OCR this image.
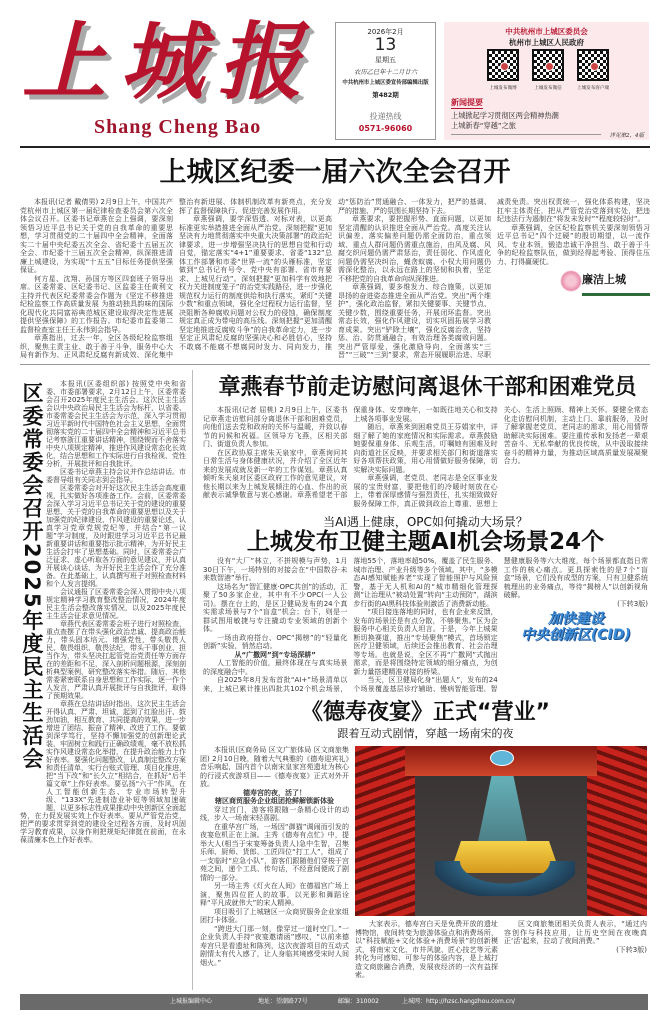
上城报
Shang Cheng Bao
2026年2月
13
星期五
农历乙巳年十二月廿六
中共杭州市上城区委宣传部编辑出版
第482期
投递热线
0571-96060
中共杭州市上城区委员会
杭州市上城区人民政府
上城发布微博	上城发布微信	上城发布客户端
新闻提要
上城掀起学习贯彻区两会精神热潮
上城新春“穿越”之旅
详见第2、4版
上城区纪委一届六次全会召开

本报讯(记者 戴倩男) 2月9日上午，中国共产党杭州市上城区第一届纪律检查委员会第六次全体会议召开。区委书记章燕在会上强调，要深刻领悟习近平总书记关于党的自我革命的重要思想，学习贯彻党的二十届四中全会精神，全面落实二十届中央纪委五次全会、省纪委十五届五次全会、市纪委十三届五次全会精神，纵深推进清廉上城建设，为实现“十五五”目标任务提供坚强保证。

何方星、沈翔、孙国方等区四套班子领导出席。区委常委、区纪委书记、区监委主任黄利文主持并代表区纪委常委会作题为《坚定不移推进纪检监察工作高质量发展 为推动独具韵味的国际化现代化共同富裕典范城区建设取得决定性进展提供坚强保障》的工作报告。市纪委市监委第二监督检查室主任王永伟到会指导。

章燕指出，过去一年，全区各级纪检监察组织，聚焦主责主业、敢于善于斗争，服务中心大局有新作为、正风肃纪反腐有新成效、深化集中整治有新进展、体制机制改革有新亮点，充分发挥了监督保障执行、促进完善发展作用。

章燕强调，要学深悟透、对标对表，以更高标准更实举措推进全面从严治党。深刻把握“更加坚决有力地贯彻落实中央重大决策部署”的政治纪律要求，进一步增强坚决执行的思想自觉和行动自觉，锚定落实“4+1”重要要求、省委“132”总体工作部署和市委“世界一流”的头雁标准，坚定做到“总书记有号令、党中央有部署、省市有要求、上城见行动”。深刻把握“更加科学有效地把权力关进制度笼子”的治党实践路径，进一步强化规范权力运行的制度供给和执行落实，紧盯“关键少数”和重点领域，强化全过程权力运行监督，坚决阻断各种腐败问题对公权力的侵蚀，确保制度规定真正成为带电的高压线。深刻把握“更加清醒坚定地推进反腐败斗争”的自我革命定力，进一步坚定正风肃纪反腐的坚强决心和必胜信心，坚持不敢腐不能腐不想腐同时发力、同向发力，推动“惩防治”贯通融合、一体发力，把严的基调、严的措施、严的氛围长期坚持下去。

章燕要求，要把握形势、直面问题，以更加坚定清醒的认识推进全面从严治党。高度关注认识偏差、落实偏差问题仍需全面防治，重点领域、重点人群问题仍需重点施治，由风及腐、风腐交织问题仍需严肃惩治，责任弱化、作风虚化问题仍需坚决纠治，蝇贪蚁腐、小权大用问题仍需深化整治，以永远在路上的坚韧和执着，坚定不移把党的自我革命向纵深推进。

章燕强调，要多维发力、综合施策，以更加昂扬的奋进姿态推进全面从严治党。突出“两个维护”，强化政治监督，紧扣关键要事、关键节点、关键少数，围绕重要任务，开展闭环监督。突出常态长效，强化作风建设，切实巩固拓展学习教育成果。突出“铲除土壤”，强化反腐治贪，坚持惩、治、防贯通融合，有效治理各类腐败问题。突出严管厚爱，强化激励导向，全面落实“三晋”“三破”“三到”要求，常态开展履职治进、尽职减责免责。突出权责统一，强化体系构建，坚决扛牢主体责任，把从严管党治党落到实处，把违纪违法行为遏制在“将发未发时”“程度较轻时”。

章燕强调，全区纪检监察机关要深刻领悟习近平总书记“四个过硬”的殷切期望，以一流作风、专业本领，锻造忠诚干净担当、敢于善于斗争的纪检监察队伍，做到经得起考验、顶得住压力、打得赢硬仗。

廉洁上城
区委常委会召开2025年度民主生活会	本报讯(区委组织部) 按照党中央和省委、市委部署要求，2月12日上午，区委常委会召开2025年度民主生活会。这次民主生活会以中央政治局民主生活会为标杆，以省委、市委常委会民主生活会为示范，深入学习贯彻习近平新时代中国特色社会主义思想，全面贯彻落实党的二十届四中全会精神和习近平总书记考察浙江重要讲话精神，围绕锲而不舍落实中央八项规定精神，推进作风建设常态化长效化，结合思想和工作实际进行自我检视、党性分析，开展批评和自我批评。

区委书记章燕主持会议并作总结讲话。市委督导组有关同志到会指导。

区委常委会对开好这次民主生活会高度重视，扎实做好各项准备工作。会前，区委常委会深入学习习近平总书记关于党的建设的重要思想、关于党的自我革命的重要思想以及关于加强党的纪律建设、作风建设的重要论述，认真学习党章党规党纪等，并结合“第一议题”学习制度，及时跟进学习习近平总书记最新重要讲话和重要指示批示精神，为开好民主生活会打牢了思想基础。同时，区委常委会广泛征求、虚心听取各方面的意见建议，并认真开展谈心谈话，为开好民主生活会作了充分准备。在此基础上，认真撰写班子对照检查材料和个人发言提纲。

会议通报了区委常委会深入贯彻中央八项规定精神学习教育整改整治情况，2024年度民主生活会整改落实情况，以及2025年度民主生活会征求意见情况。

章燕代表区委常委会班子进行对照检查，重点查摆了在带头强化政治忠诚、提高政治能力，带头固本培元、增强党性，带头敬畏人民、敬畏组织、敬畏法纪，带头干事创业、担当作为，带头坚决扛起管党治党责任等方面存在的差距和不足，深入剖析问题根源，深刻剖析典型案例，研究整改落实举措。随后，其他常委紧密联系自身思想和工作实际，逐一作个人发言，严肃认真开展批评与自我批评，取得了预期效果。

章燕在总结讲话时指出，这次民主生活会开得认真、严肃、坦诚，起到了红脸出汗、鼓劲加油，相互教育、共同提高的效果，进一步增进了团结、振奋了精神、改进了工作。要做到深学笃行，坚持不懈加强党的创新理论武装，牢固树立和践行正确政绩观，毫不放松抓实作风建设常态化举措，在提升政治能力上作好表率。要强化问题整改，认真制定整改方案和责任清单，实行台账式管理、项目化推进，把“当下改”和“长久立”相结合，在抓好“后半篇文章”上作好表率。要弘扬“六干”作风，在人工智能创新生态、专业市场转型升级、“133X”先进制造业补短等领域加速破题，以更多标志性成果推动中央创新区全面起势，在力促发展实效上作好表率。要从严管党治党，把严的要求贯穿到党的建设全过程各方面，及时巩固学习教育成果，以身作则把规矩纪律挺在前面，在永葆清廉本色上作好表率。

章燕春节前走访慰问离退休干部和困难党员

本报讯(记者 屈桃) 2月9日上午，区委书记章燕走访慰问部分离退休干部和困难党员，向他们送去党和政府的关怀与温暖，并致以春节的问候和祝福。区领导方飞燕，区相关部门、街道负责人参加。

在区政协原主席朱天泉家中，章燕询问其日常生活与身体健康状况，并介绍了全区近年来的发展成就及新一年的工作谋划。章燕认真倾听朱天泉对区委区政府工作的意见建议，对他长期以来为上城发展倾注的心血、作出的贡献表示诚挚敬意与衷心感谢。章燕希望老干部保重身体、安享晚年，一如既往地关心和支持上城各项事业发展。

随后，章燕来到困难党员王芬娟家中，详细了解了她的家庭情况和实际需求。章燕鼓励她要保重身体、乐观生活，叮嘱她有困难及时向街道社区反映，并要求相关部门和街道落实好各项帮扶政策，用心用情做好服务保障，切实解决实际问题。

章燕强调，老党员、老同志是全区事业发展的宝贵财富，要把他们的冷暖时刻放在心上，带着深厚感情与强烈责任，扎实细致做好服务保障工作，真正做到政治上尊重、思想上关心、生活上照顾、精神上关怀。要健全常态化走访慰问机制，主动上门、靠前服务，及时了解掌握老党员、老同志的需求，用心用情帮助解决实际困难。要注重传承和发扬老一辈艰苦奋斗、无私奉献的优良传统，从中汲取接续奋斗的精神力量，为推动区域高质量发展凝聚合力。

当AI遇上健康，OPC如何撬动大场景？
上城发布卫健主题AI机会场景24个

没有“大厂”林立，不拼规模与声势，1月30日下午，一场特别的对接会在“中国数谷·未来数智港”举行。

这场名为“智汇健康·OPC共创”的活动，汇聚了50多家企业，其中有不少OPC(一人公司)。摆在台上的，是区卫健局发布的24个真实需求场景与7个“盲盒”机会；台下，则是一群试图用敏捷与专注撬动专业领域的创新个体。

一场由政府搭台、OPC“揭榜”的“轻量化创新”实验，悄然启动。

从“广撒网”到“专场深耕”

人工智能的价值，最终体现在与真实场景的深度融合中。

自2025年8月发布首批“AI+”场景清单以来，上城已累计推出四批共102个机会场景，落地55个，落地率超50%，覆盖了民生服务、城市治理、产业升级等多个领域。其中，“多模态AI感知赋能养老”实现了智能照护与风险预警，基于无人机和AI的“城市精细化管理探测”让治理从“被动处置”转向“主动预防”，湖滨步行街的AI黑科技体验则激活了消费新动能。

“项目接连落地的同时，也有企业来反馈，发布的场景还是有点分散，不够聚焦。”区为企服务中心相关负责人坦言。于是，今年上城果断切换赛道，推出“专场聚焦”模式，首场锁定医疗卫健领域，后续还会推出教育、社会治理等专场。也就是说，全区不再“广撒网”式抛出需求，而是将围绕特定领域的细分痛点，为创新力量搭建精准对接的桥梁。

当天，区卫健局化身“出题人”，发布的24个场景覆盖基层诊疗辅助、慢病智能管理、智慧健康服务等六大维度，每个场景都直指日常工作的核心痛点。更具探索性的是7个“盲盒”场景，它们没有成型的方案，只有卫健系统梳理出的业务痛点，等待“揭榜人”以创新视角破解。

(下转3版)

加快建设
中央创新区(CID)
《德寿夜宴》正式“营业”
跟着互动式剧情，穿越一场南宋的夜

本报讯(区商务局 区文广旅体局 区文商旅集团) 2月10日晚，随着大气典雅的《德寿迎宾礼》音乐响起，国内首个以南宋皇家宫苑遗址为核心的行浸式夜游项目——《德寿夜宴》正式对外开放。

德寿宫的夜，活了！

辖区商贸服务企业组团抢鲜解锁新体验

穿过宫门，游客将跟随一条精心设计的动线，步入一场南宋轻喜剧。

在重华宫广场，一场因“御猫”调闹而引发的夜宴危机正在上演。主秀《德寿有点忙》中，提举大人(相当于宋宴筹备负责人)急中生智，召集乐师、厨师、货郎、工匠四位“打工人”，组成了一支临时“应急小队”，游客们跟随他们穿梭于宫苑之间，递个工具、传句话，不经意间便成了剧情的一部分。

另一场主秀《灯火在人间》在德福宫广场上演，聚焦四位匠人的故事，以光影和舞蹈诠释“平凡成就伟大”的宋人精神。

项目吸引了上城辖区一众商贸服务企业家组团打卡体验。

“跨进大门那一刻，像穿过一道时空门。”一企业负责人手持“夜宴邀请函”感叹，“以前来德寿宫只是看遗址和陈列，这次夜游项目的互动式剧情太有代入感了，让人身临其境感受宋时人间烟火。”

大家表示，德寿宫白天是免费开放的遗址博物馆，夜间转变为旅游体验点和消费场所，以“科技赋能+文化体验+消费场景”的创新模式，将南宋文化、市井风貌、匠心技艺等元素转化为可感知、可参与的体验内容，是上城打造文商旅融合消费，发展夜经济的一次有益探索。

区文商旅集团相关负责人表示，“通过内容创作与科技应用，让历史空间在夜晚真正‘活’起来，拉动了夜间消费。”

(下转3版)

上城报编辑中心	地址：望潮路77号	邮编：310002	上城网：http://hzsc.hangzhou.com.cn/
